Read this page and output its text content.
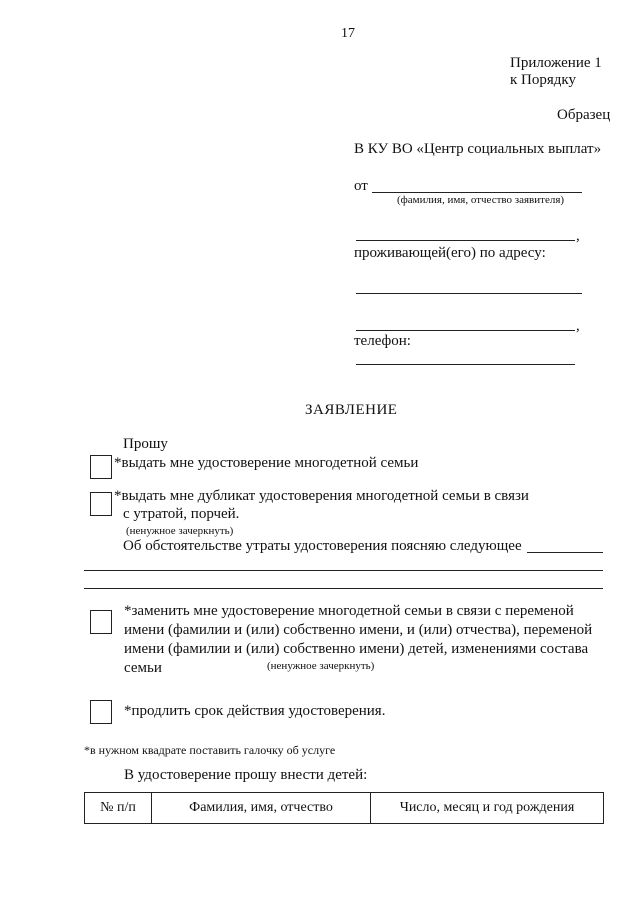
17
Приложение 1
к Порядку
Образец
В КУ ВО «Центр социальных выплат»
от
(фамилия, имя, отчество заявителя)
,
проживающей(его) по адресу:
,
телефон:
ЗАЯВЛЕНИЕ
Прошу
*выдать мне удостоверение многодетной семьи
*выдать мне дубликат удостоверения многодетной семьи в связи
с утратой, порчей.
(ненужное зачеркнуть)
Об обстоятельстве утраты удостоверения поясняю следующее
*заменить мне удостоверение многодетной семьи в связи с переменой
имени (фамилии и (или) собственно имени, и (или) отчества), переменой
имени (фамилии и (или) собственно имени) детей, изменениями состава
семьи	(ненужное зачеркнуть)
*продлить срок действия удостоверения.
*в нужном квадрате поставить галочку об услуге
В удостоверение прошу внести детей:
№ п/п	Фамилия, имя, отчество	Число, месяц и год рождения
